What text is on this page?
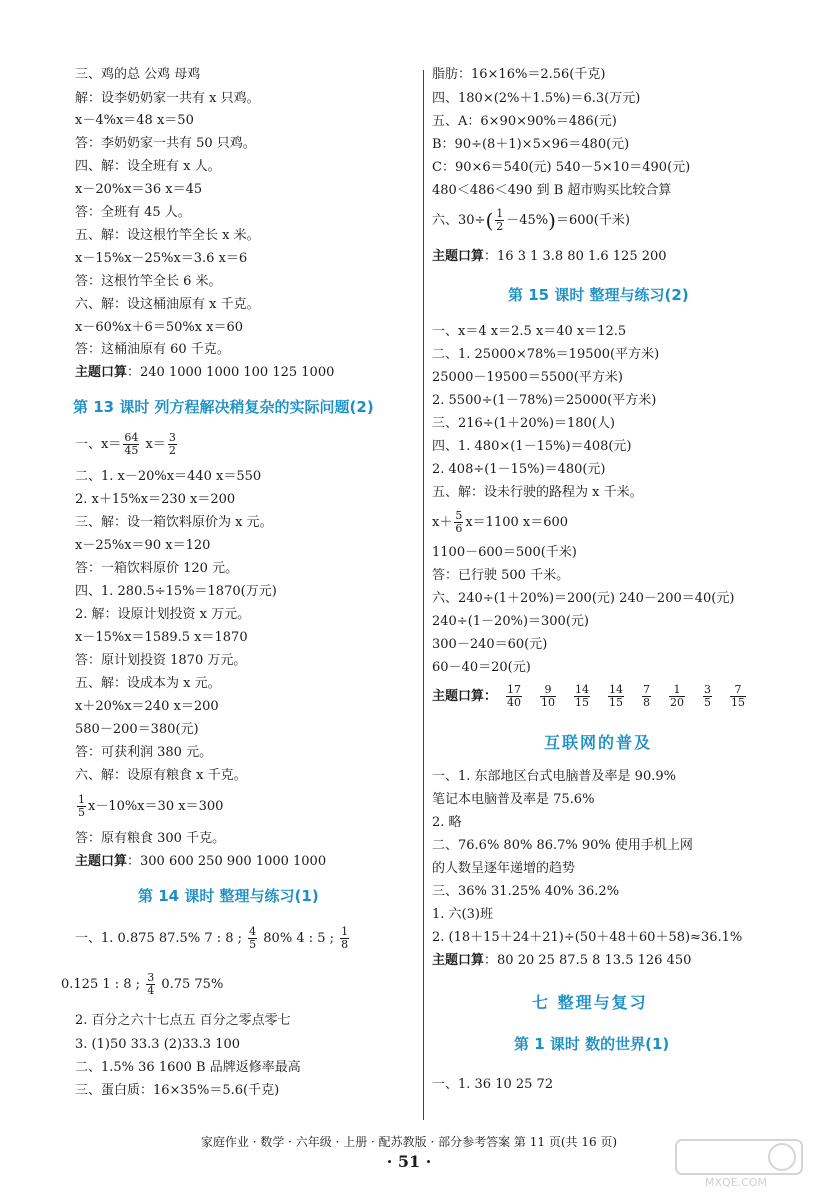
三、鸡的总 公鸡 母鸡
解：设李奶奶家一共有 x 只鸡。
x－4%x＝48 x＝50
答：李奶奶家一共有 50 只鸡。
四、解：设全班有 x 人。
x－20%x＝36 x＝45
答：全班有 45 人。
五、解：设这根竹竿全长 x 米。
x－15%x－25%x＝3.6 x＝6
答：这根竹竿全长 6 米。
六、解：设这桶油原有 x 千克。
x－60%x＋6＝50%x x＝60
答：这桶油原有 60 千克。
主题口算：240 1000 1000 100 125 1000
第 13 课时 列方程解决稍复杂的实际问题(2)
一、$x= \frac{64}{45} x= \frac{3}{2}$
二、1. x－20%x＝440 x＝550
2. x＋15%x＝230 x＝200
三、解：设一箱饮料原价为 x 元。
x－25%x＝90 x＝120
答：一箱饮料原价 120 元。
四、1. 280.5÷15%＝1870(万元)
2. 解：设原计划投资 x 万元。
x－15%x＝1589.5 x＝1870
答：原计划投资 1870 万元。
五、解：设成本为 x 元。
x＋20%x＝240 x＝200
580－200＝380(元)
答：可获利润 380 元。
六、解：设原有粮食 x 千克。
$\frac{1}{5} x-10\%x=30$ x＝300
答：原有粮食 300 千克。
主题口算：300 600 250 900 1000 1000
第 14 课时 整理与练习(1)
一、1. 0.875 87.5% 7 : 8 ; $\frac{4}{5} 80\%$ 4 : 5 ; $\frac{1}{8}$
0.125 1 : 8 ; $\frac{3}{4} 0.75$ 75%
2. 百分之六十七点五 百分之零点零七
3. (1)50 33.3 (2)33.3 100
二、1.5% 36 1600 B 品牌返修率最高
三、蛋白质：16×35%＝5.6(千克)
脂肪：16×16%＝2.56(千克)
四、180×(2%＋1.5%)＝6.3(万元)
五、A：6×90×90%＝486(元)
B：90÷(8＋1)×5×96＝480(元)
C：90×6＝540(元) 540－5×10＝490(元)
480＜486＜490 到 B 超市购买比较合算
六、$30\div( \frac{1}{2} -45\%)=600$(千米)
主题口算：16 3 1 3.8 80 1.6 125 200
第 15 课时 整理与练习(2)
一、x＝4 x＝2.5 x＝40 x＝12.5
二、1. 25000×78%＝19500(平方米)
25000－19500＝5500(平方米)
2. 5500÷(1－78%)＝25000(平方米)
三、216÷(1＋20%)＝180(人)
四、1. 480×(1－15%)＝408(元)
2. 408÷(1－15%)＝480(元)
五、解：设未行驶的路程为 x 千米。
$x+ \frac{5}{6} x=1100$ x＝600
1100－600＝500(千米)
答：已行驶 500 千米。
六、240÷(1＋20%)＝200(元) 240－200＝40(元)
240÷(1－20%)＝300(元)
300－240＝60(元)
60－40＝20(元)
主题口算： $\frac{17}{40} \frac{9}{10} \frac{14}{15} \frac{14}{15} \frac{7}{8} \frac{1}{20} \frac{3}{5} \frac{7}{15}$
互联网的普及
一、1. 东部地区台式电脑普及率是 90.9%
笔记本电脑普及率是 75.6%
2. 略
二、76.6% 80% 86.7% 90% 使用手机上网
的人数呈逐年递增的趋势
三、36% 31.25% 40% 36.2%
1. 六(3)班
2. (18＋15＋24＋21)÷(50＋48＋60＋58)≈36.1%
主题口算：80 20 25 87.5 8 13.5 126 450
七 整理与复习
第 1 课时 数的世界(1)
一、1. 36 10 25 72
家庭作业 · 数学 · 六年级 · 上册 · 配苏教版 · 部分参考答案 第 11 页(共 16 页)
· 51 ·
MXQE.COM
